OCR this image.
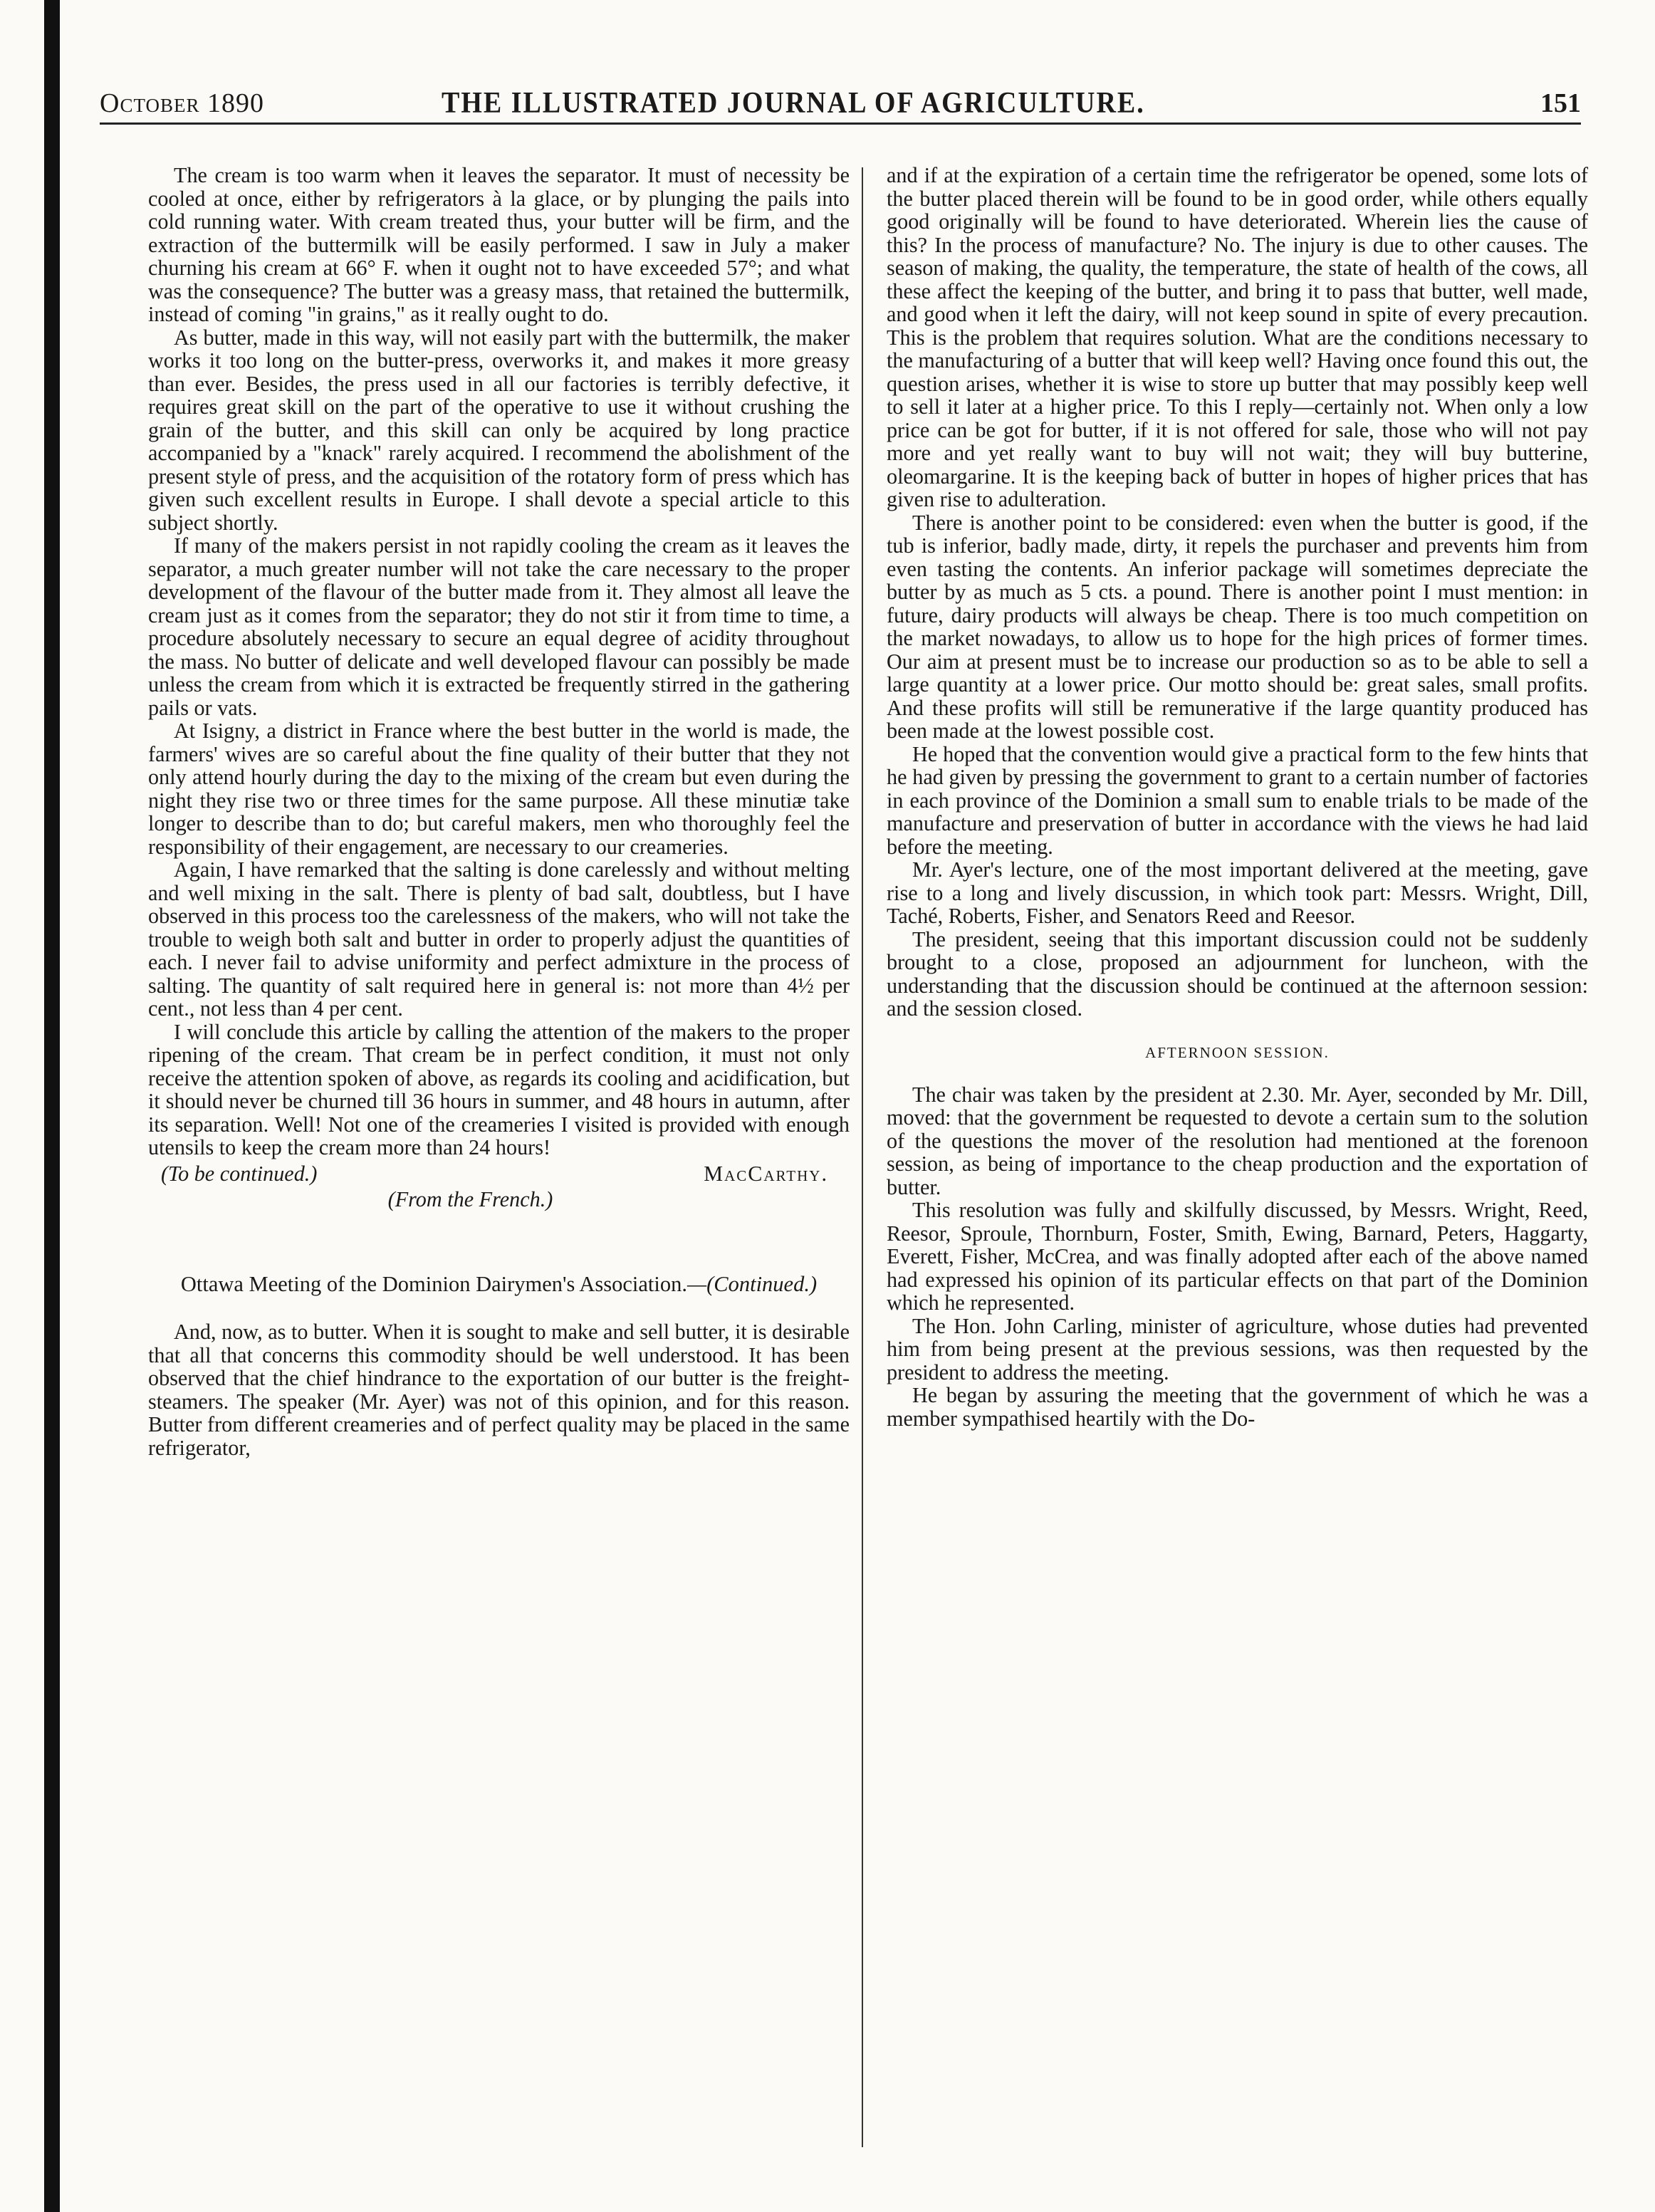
October 1890	THE ILLUSTRATED JOURNAL OF AGRICULTURE.	151

The cream is too warm when it leaves the separator. It must of necessity be cooled at once, either by refrigerators à la glace, or by plunging the pails into cold running water. With cream treated thus, your butter will be firm, and the extraction of the buttermilk will be easily performed. I saw in July a maker churning his cream at 66° F. when it ought not to have exceeded 57°; and what was the consequence? The butter was a greasy mass, that retained the buttermilk, instead of coming "in grains," as it really ought to do.

As butter, made in this way, will not easily part with the buttermilk, the maker works it too long on the butter-press, overworks it, and makes it more greasy than ever. Besides, the press used in all our factories is terribly defective, it requires great skill on the part of the operative to use it without crushing the grain of the butter, and this skill can only be acquired by long practice accompanied by a "knack" rarely acquired. I recommend the abolishment of the present style of press, and the acquisition of the rotatory form of press which has given such excellent results in Europe. I shall devote a special article to this subject shortly.

If many of the makers persist in not rapidly cooling the cream as it leaves the separator, a much greater number will not take the care necessary to the proper development of the flavour of the butter made from it. They almost all leave the cream just as it comes from the separator; they do not stir it from time to time, a procedure absolutely necessary to secure an equal degree of acidity throughout the mass. No butter of delicate and well developed flavour can possibly be made unless the cream from which it is extracted be frequently stirred in the gathering pails or vats.

At Isigny, a district in France where the best butter in the world is made, the farmers' wives are so careful about the fine quality of their butter that they not only attend hourly during the day to the mixing of the cream but even during the night they rise two or three times for the same purpose. All these minutiæ take longer to describe than to do; but careful makers, men who thoroughly feel the responsibility of their engagement, are necessary to our creameries.

Again, I have remarked that the salting is done carelessly and without melting and well mixing in the salt. There is plenty of bad salt, doubtless, but I have observed in this process too the carelessness of the makers, who will not take the trouble to weigh both salt and butter in order to properly adjust the quantities of each. I never fail to advise uniformity and perfect admixture in the process of salting. The quantity of salt required here in general is: not more than 4½ per cent., not less than 4 per cent.

I will conclude this article by calling the attention of the makers to the proper ripening of the cream. That cream be in perfect condition, it must not only receive the attention spoken of above, as regards its cooling and acidification, but it should never be churned till 36 hours in summer, and 48 hours in autumn, after its separation. Well! Not one of the creameries I visited is provided with enough utensils to keep the cream more than 24 hours!

(To be continued.)	MacCarthy.
(From the French.)
Ottawa Meeting of the Dominion Dairymen's Association.—(Continued.)

And, now, as to butter. When it is sought to make and sell butter, it is desirable that all that concerns this commodity should be well understood. It has been observed that the chief hindrance to the exportation of our butter is the freight-steamers. The speaker (Mr. Ayer) was not of this opinion, and for this reason. Butter from different creameries and of perfect quality may be placed in the same refrigerator,

and if at the expiration of a certain time the refrigerator be opened, some lots of the butter placed therein will be found to be in good order, while others equally good originally will be found to have deteriorated. Wherein lies the cause of this? In the process of manufacture? No. The injury is due to other causes. The season of making, the quality, the temperature, the state of health of the cows, all these affect the keeping of the butter, and bring it to pass that butter, well made, and good when it left the dairy, will not keep sound in spite of every precaution. This is the problem that requires solution. What are the conditions necessary to the manufacturing of a butter that will keep well? Having once found this out, the question arises, whether it is wise to store up butter that may possibly keep well to sell it later at a higher price. To this I reply—certainly not. When only a low price can be got for butter, if it is not offered for sale, those who will not pay more and yet really want to buy will not wait; they will buy butterine, oleomargarine. It is the keeping back of butter in hopes of higher prices that has given rise to adulteration.

There is another point to be considered: even when the butter is good, if the tub is inferior, badly made, dirty, it repels the purchaser and prevents him from even tasting the contents. An inferior package will sometimes depreciate the butter by as much as 5 cts. a pound. There is another point I must mention: in future, dairy products will always be cheap. There is too much competition on the market nowadays, to allow us to hope for the high prices of former times. Our aim at present must be to increase our production so as to be able to sell a large quantity at a lower price. Our motto should be: great sales, small profits. And these profits will still be remunerative if the large quantity produced has been made at the lowest possible cost.

He hoped that the convention would give a practical form to the few hints that he had given by pressing the government to grant to a certain number of factories in each province of the Dominion a small sum to enable trials to be made of the manufacture and preservation of butter in accordance with the views he had laid before the meeting.

Mr. Ayer's lecture, one of the most important delivered at the meeting, gave rise to a long and lively discussion, in which took part: Messrs. Wright, Dill, Taché, Roberts, Fisher, and Senators Reed and Reesor.

The president, seeing that this important discussion could not be suddenly brought to a close, proposed an adjournment for luncheon, with the understanding that the discussion should be continued at the afternoon session: and the session closed.

AFTERNOON SESSION.

The chair was taken by the president at 2.30. Mr. Ayer, seconded by Mr. Dill, moved: that the government be requested to devote a certain sum to the solution of the questions the mover of the resolution had mentioned at the forenoon session, as being of importance to the cheap production and the exportation of butter.

This resolution was fully and skilfully discussed, by Messrs. Wright, Reed, Reesor, Sproule, Thornburn, Foster, Smith, Ewing, Barnard, Peters, Haggarty, Everett, Fisher, McCrea, and was finally adopted after each of the above named had expressed his opinion of its particular effects on that part of the Dominion which he represented.

The Hon. John Carling, minister of agriculture, whose duties had prevented him from being present at the previous sessions, was then requested by the president to address the meeting.

He began by assuring the meeting that the government of which he was a member sympathised heartily with the Do-
